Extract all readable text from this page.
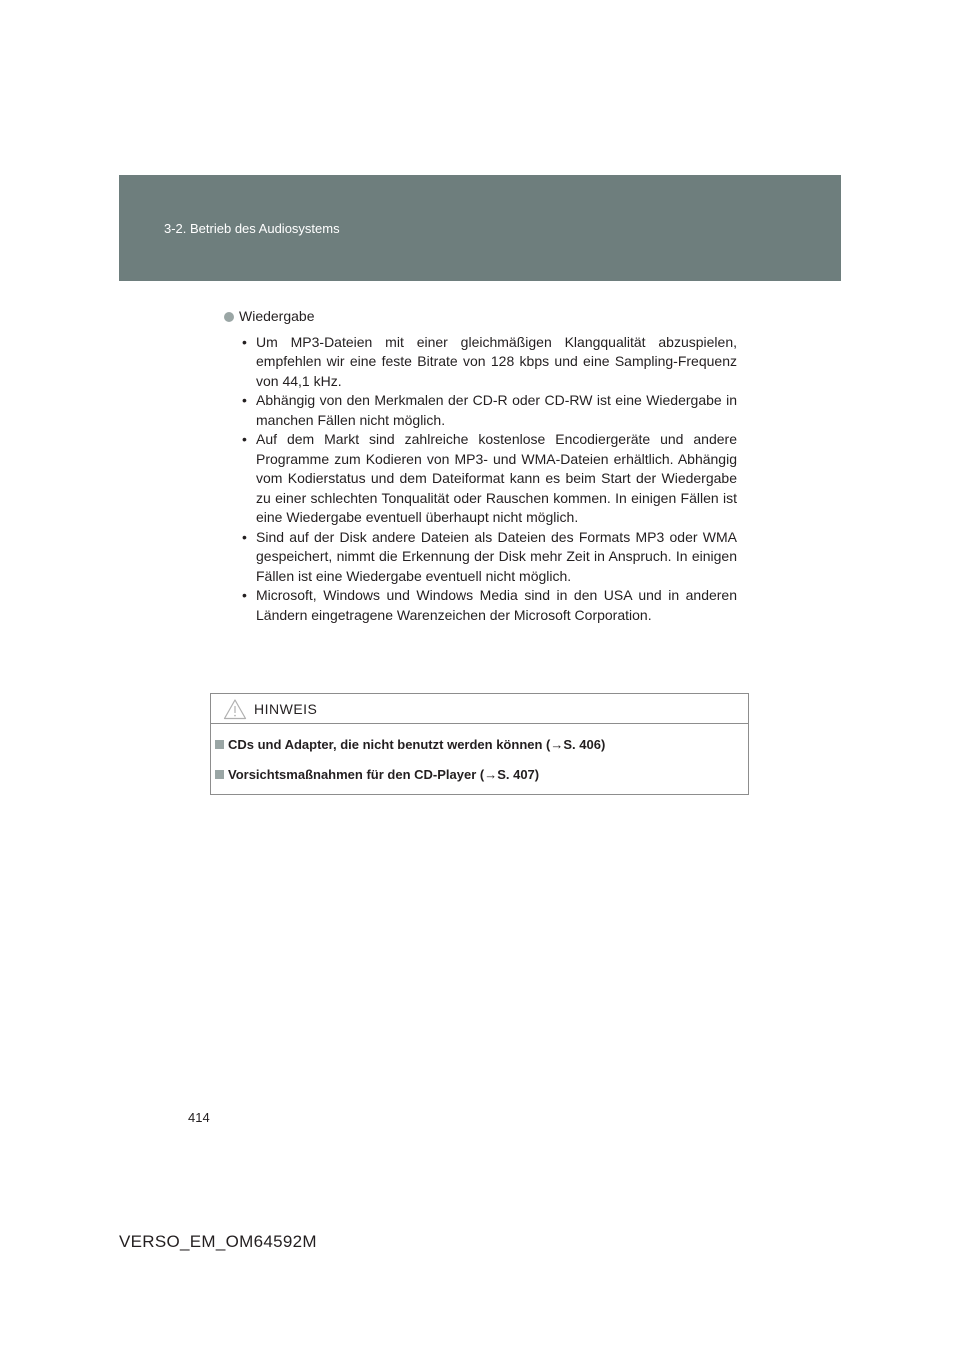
3-2. Betrieb des Audiosystems
Wiedergabe
• Um MP3-Dateien mit einer gleichmäßigen Klangqualität abzuspielen, empfehlen wir eine feste Bitrate von 128 kbps und eine Sampling-Frequenz von 44,1 kHz.
• Abhängig von den Merkmalen der CD-R oder CD-RW ist eine Wiedergabe in manchen Fällen nicht möglich.
• Auf dem Markt sind zahlreiche kostenlose Encodiergeräte und andere Programme zum Kodieren von MP3- und WMA-Dateien erhältlich. Abhängig vom Kodierstatus und dem Dateiformat kann es beim Start der Wiedergabe zu einer schlechten Tonqualität oder Rauschen kommen. In einigen Fällen ist eine Wiedergabe eventuell überhaupt nicht möglich.
• Sind auf der Disk andere Dateien als Dateien des Formats MP3 oder WMA gespeichert, nimmt die Erkennung der Disk mehr Zeit in Anspruch. In einigen Fällen ist eine Wiedergabe eventuell nicht möglich.
• Microsoft, Windows und Windows Media sind in den USA und in anderen Ländern eingetragene Warenzeichen der Microsoft Corporation.
HINWEIS
CDs und Adapter, die nicht benutzt werden können (→S. 406)
Vorsichtsmaßnahmen für den CD-Player (→S. 407)
414
VERSO_EM_OM64592M
